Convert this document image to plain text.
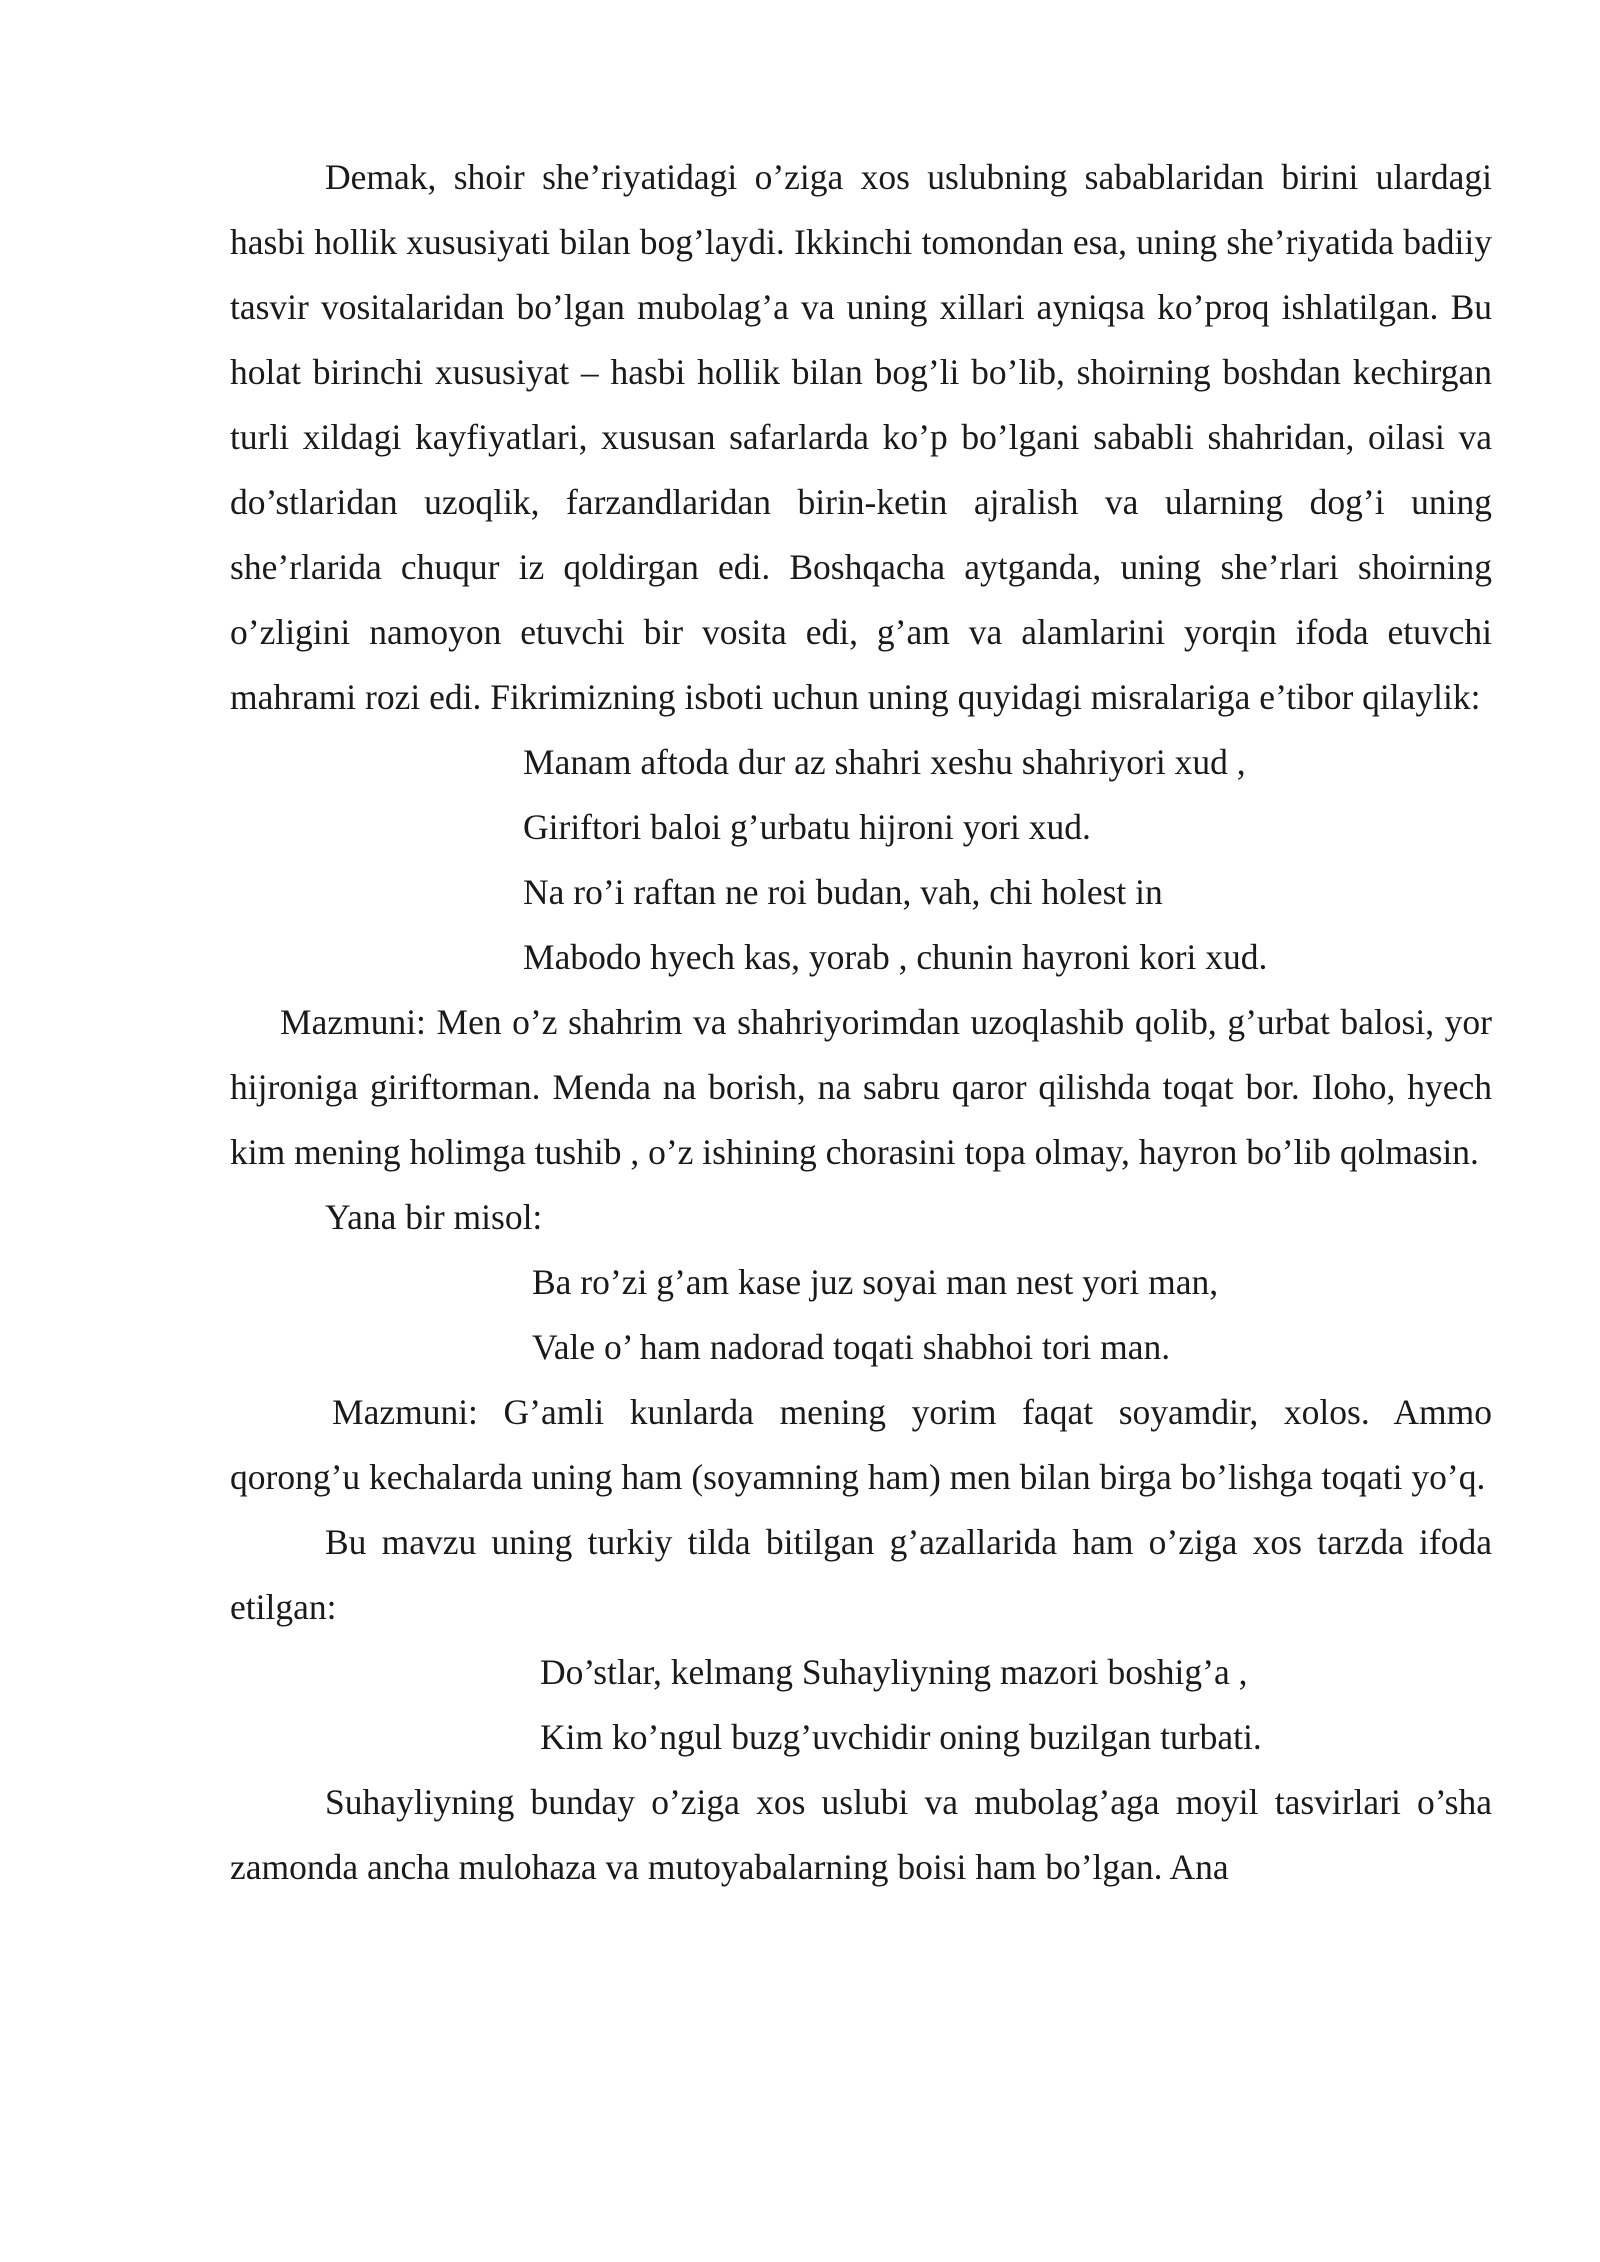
Demak, shoir she’riyatidagi o’ziga xos uslubning sabablaridan birini ulardagi hasbi hollik xususiyati bilan bog’laydi. Ikkinchi tomondan esa, uning she’riyatida badiiy tasvir vositalaridan bo’lgan mubolag’a va uning xillari ayniqsa ko’proq ishlatilgan. Bu holat birinchi xususiyat – hasbi hollik bilan bog’li bo’lib, shoirning boshdan kechirgan turli xildagi kayfiyatlari, xususan safarlarda ko’p bo’lgani sababli shahridan, oilasi va do’stlaridan uzoqlik, farzandlaridan birin-ketin ajralish va ularning dog’i uning she’rlarida chuqur iz qoldirgan edi. Boshqacha aytganda, uning she’rlari shoirning o’zligini namoyon etuvchi bir vosita edi, g’am va alamlarini yorqin ifoda etuvchi mahrami rozi edi. Fikrimizning isboti uchun uning quyidagi misralariga e’tibor qilaylik:

Manam aftoda dur az shahri xeshu shahriyori xud ,
Giriftori baloi g’urbatu hijroni yori xud.
Na ro’i raftan ne roi budan, vah, chi holest in
Mabodo hyech kas, yorab , chunin hayroni kori xud.

Mazmuni: Men o’z shahrim va shahriyorimdan uzoqlashib qolib, g’urbat balosi, yor hijroniga giriftorman. Menda na borish, na sabru qaror qilishda toqat bor. Iloho, hyech kim mening holimga tushib , o’z ishining chorasini topa olmay, hayron bo’lib qolmasin.

Yana bir misol:

Ba ro’zi g’am kase juz soyai man nest yori man,
Vale o’ ham nadorad toqati shabhoi tori man.

Mazmuni: G’amli kunlarda mening yorim faqat soyamdir, xolos. Ammo qorong’u kechalarda uning ham (soyamning ham) men bilan birga bo’lishga toqati yo’q.

Bu mavzu uning turkiy tilda bitilgan g’azallarida ham o’ziga xos tarzda ifoda etilgan:

Do’stlar, kelmang Suhayliyning mazori boshig’a ,
Kim ko’ngul buzg’uvchidir oning buzilgan turbati.

Suhayliyning bunday o’ziga xos uslubi va mubolag’aga moyil tasvirlari o’sha zamonda ancha mulohaza va mutoyabalarning boisi ham bo’lgan. Ana
